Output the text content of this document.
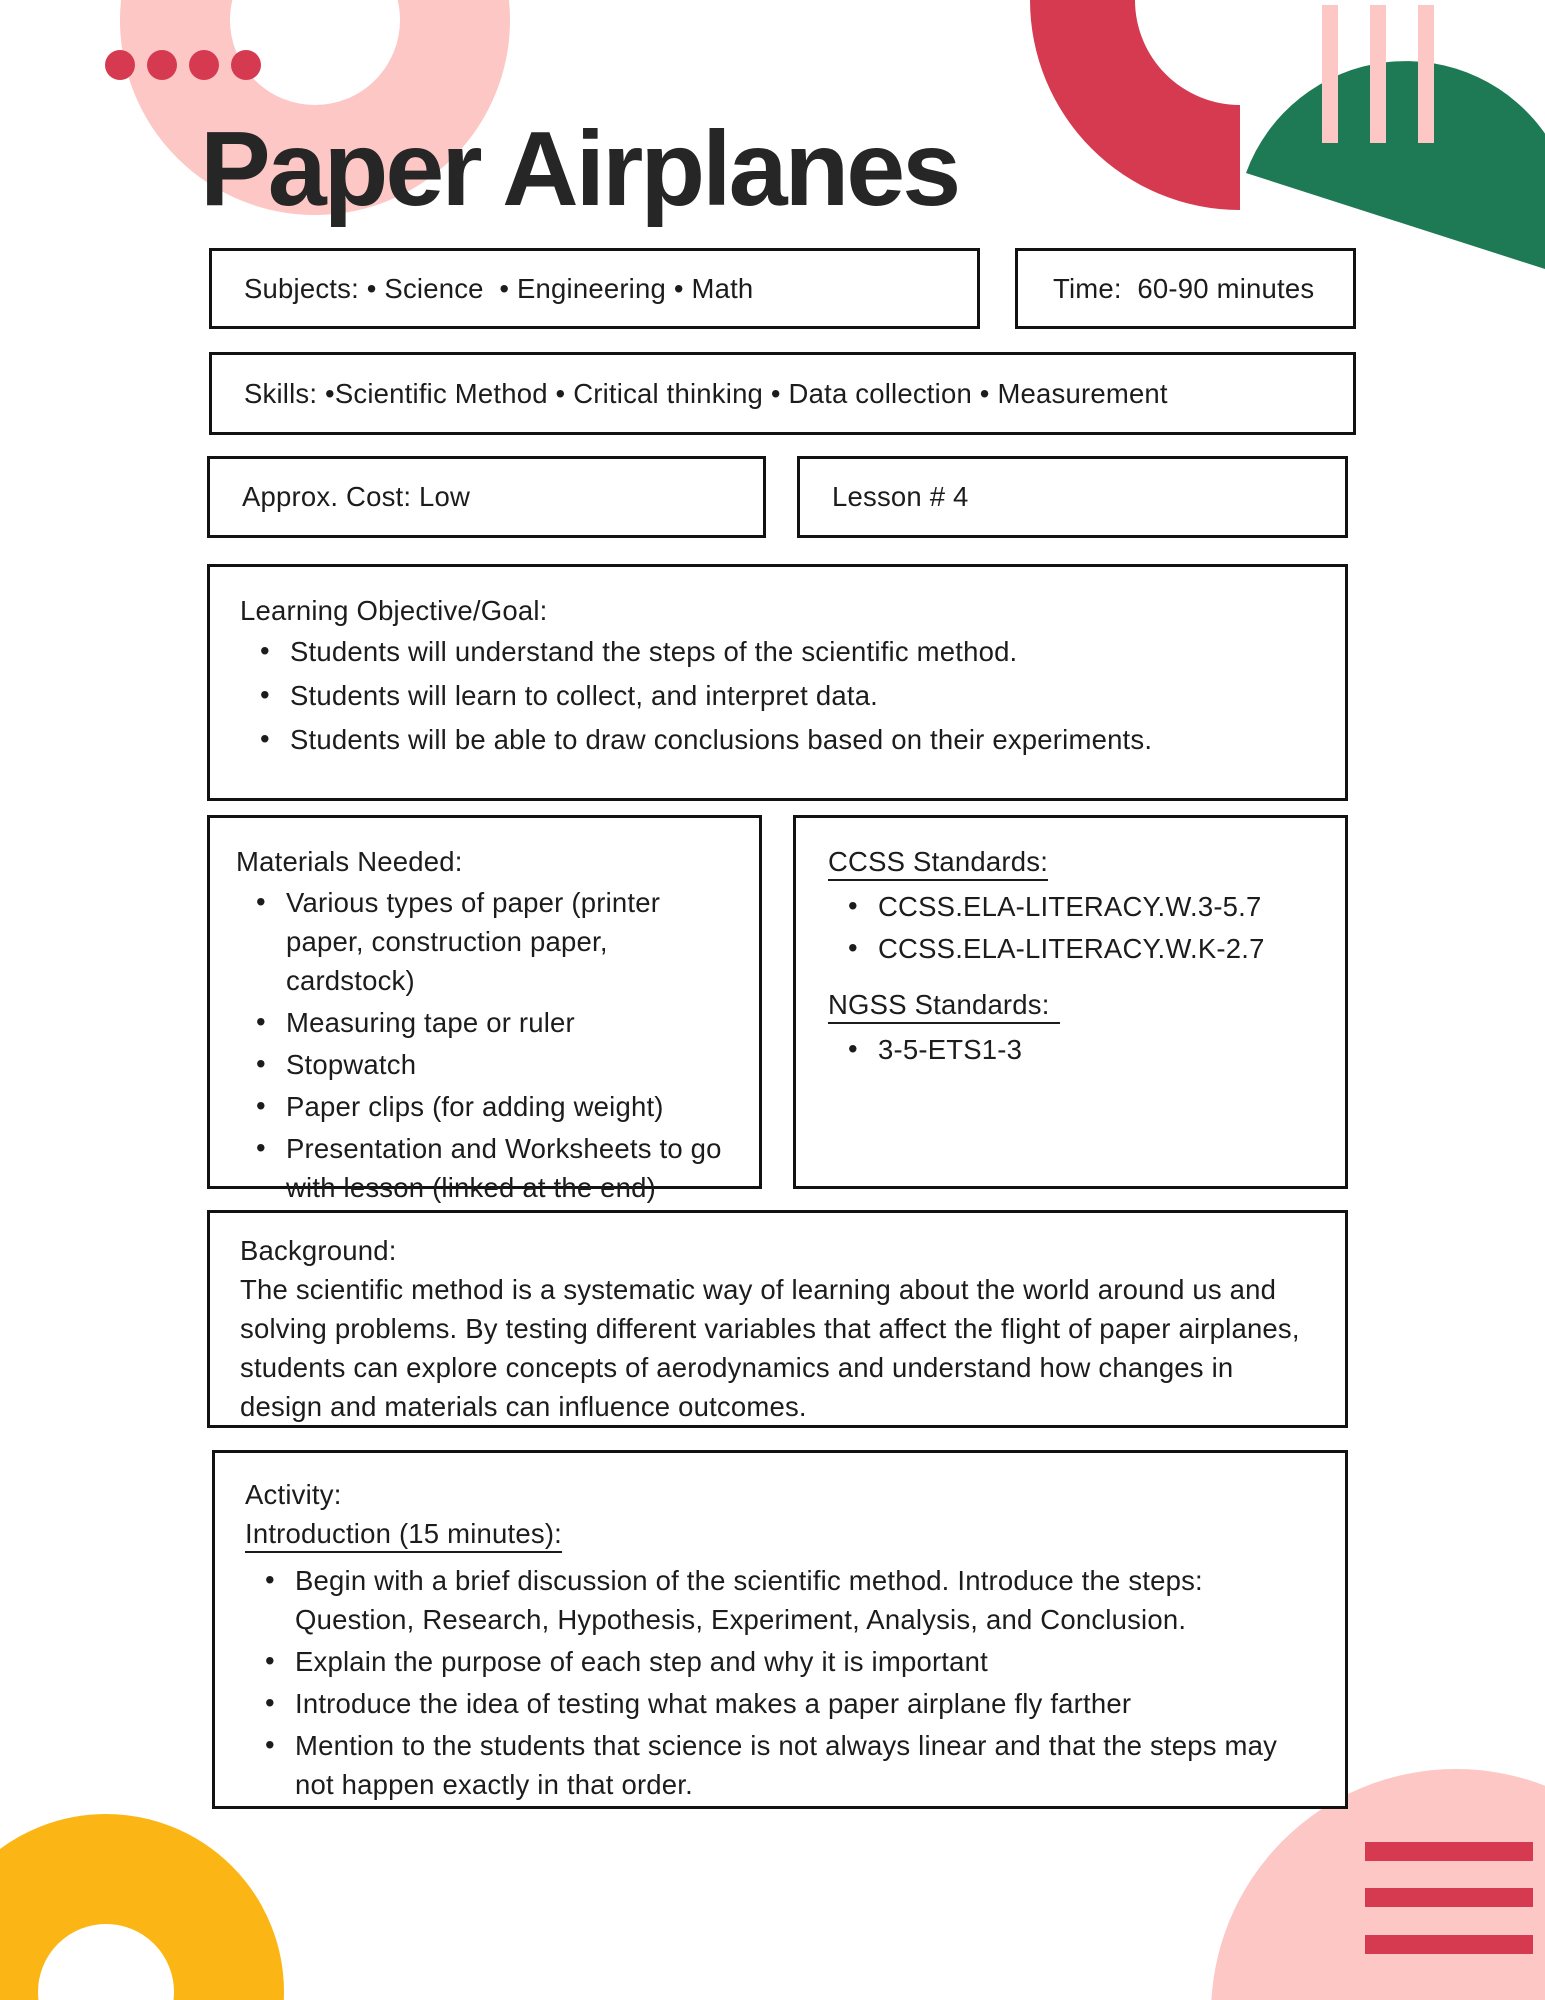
Paper Airplanes
Subjects: • Science  • Engineering • Math	Time:  60-90 minutes
Skills: •Scientific Method • Critical thinking • Data collection • Measurement
Approx. Cost: Low	Lesson # 4

Learning Objective/Goal:

• Students will understand the steps of the scientific method.
• Students will learn to collect, and interpret data.
• Students will be able to draw conclusions based on their experiments.

Materials Needed:

• Various types of paper (printer paper, construction paper, cardstock)
• Measuring tape or ruler
• Stopwatch
• Paper clips (for adding weight)
• Presentation and Worksheets to go with lesson (linked at the end)

CCSS Standards:

• CCSS.ELA-LITERACY.W.3-5.7
• CCSS.ELA-LITERACY.W.K-2.7

NGSS Standards:

• 3-5-ETS1-3

Background:

The scientific method is a systematic way of learning about the world around us and solving problems. By testing different variables that affect the flight of paper airplanes, students can explore concepts of aerodynamics and understand how changes in design and materials can influence outcomes.

Activity:

Introduction (15 minutes):

• Begin with a brief discussion of the scientific method. Introduce the steps: Question, Research, Hypothesis, Experiment, Analysis, and Conclusion.
• Explain the purpose of each step and why it is important
• Introduce the idea of testing what makes a paper airplane fly farther
• Mention to the students that science is not always linear and that the steps may not happen exactly in that order.
